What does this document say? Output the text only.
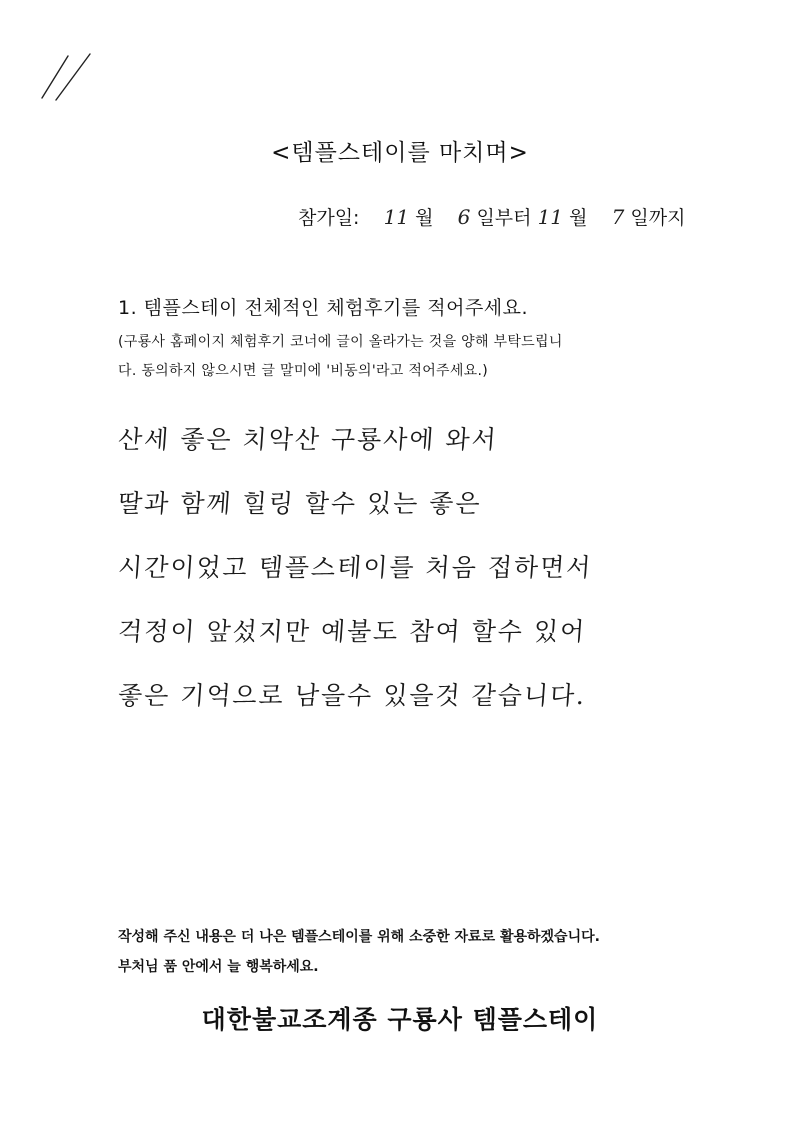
<템플스테이를 마치며>
참가일: 11 월 6 일부터 11 월 7 일까지
1. 템플스테이 전체적인 체험후기를 적어주세요.
(구룡사 홈페이지 체험후기 코너에 글이 올라가는 것을 양해 부탁드립니
다. 동의하지 않으시면 글 말미에 '비동의'라고 적어주세요.)
산세 좋은 치악산 구룡사에 와서
딸과 함께 힐링 할수 있는 좋은
시간이었고 템플스테이를 처음 접하면서
걱정이 앞섰지만 예불도 참여 할수 있어
좋은 기억으로 남을수 있을것 같습니다.
작성해 주신 내용은 더 나은 템플스테이를 위해 소중한 자료로 활용하겠습니다.
부처님 품 안에서 늘 행복하세요.
대한불교조계종 구룡사 템플스테이
